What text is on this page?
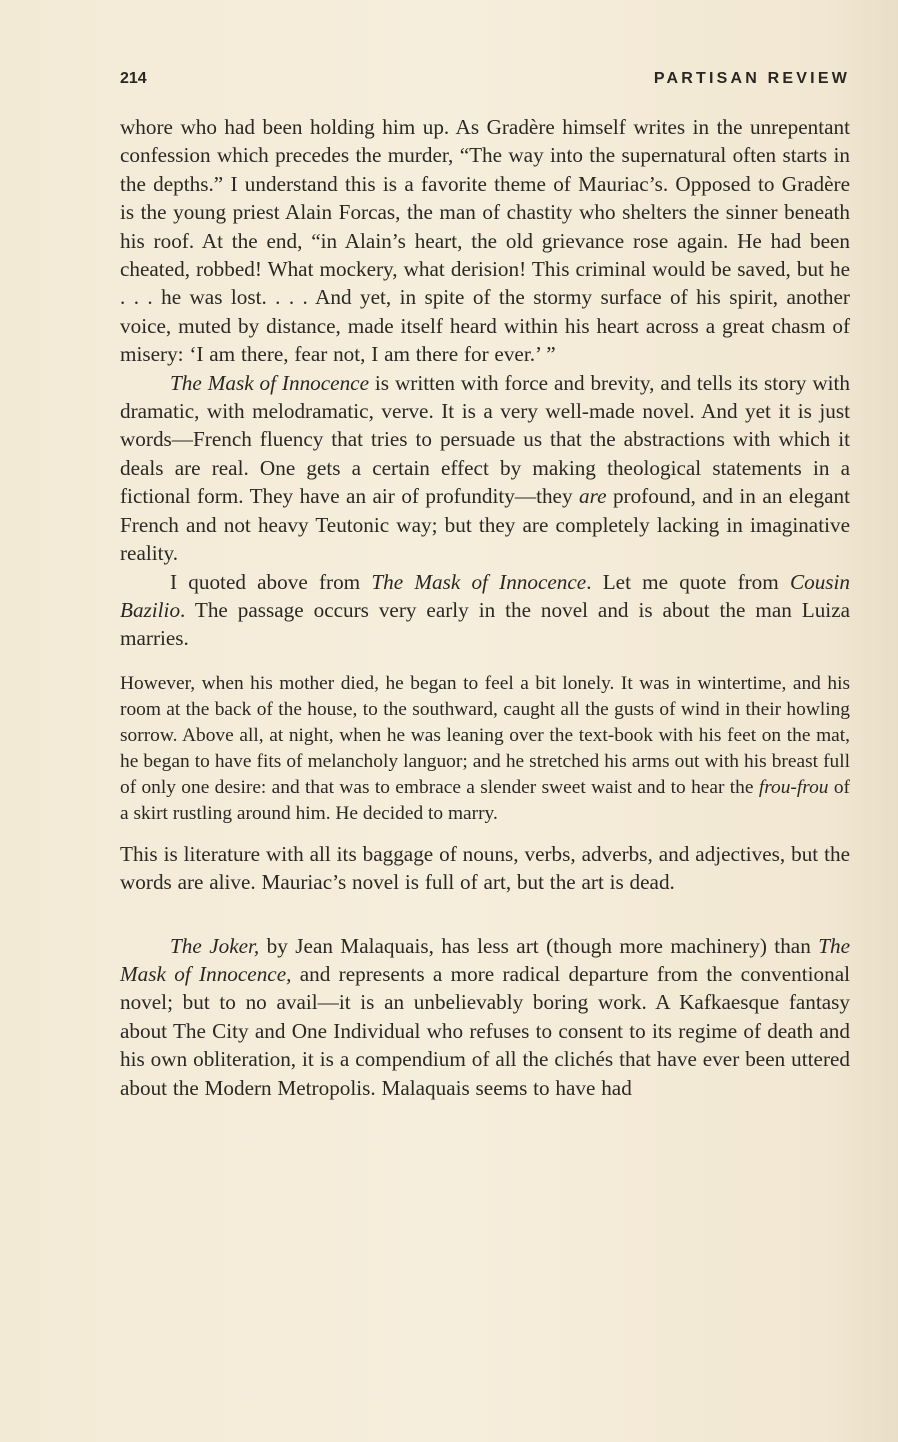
214	PARTISAN REVIEW

whore who had been holding him up. As Gradère himself writes in the unrepentant confession which precedes the murder, “The way into the supernatural often starts in the depths.” I understand this is a favorite theme of Mauriac’s. Opposed to Gradère is the young priest Alain Forcas, the man of chastity who shelters the sinner beneath his roof. At the end, “in Alain’s heart, the old grievance rose again. He had been cheated, robbed! What mockery, what derision! This criminal would be saved, but he . . . he was lost. . . . And yet, in spite of the stormy surface of his spirit, another voice, muted by distance, made itself heard within his heart across a great chasm of misery: ‘I am there, fear not, I am there for ever.’ ”

The Mask of Innocence is written with force and brevity, and tells its story with dramatic, with melodramatic, verve. It is a very well-made novel. And yet it is just words—French fluency that tries to persuade us that the abstractions with which it deals are real. One gets a certain effect by making theological statements in a fictional form. They have an air of profundity—they are profound, and in an elegant French and not heavy Teutonic way; but they are completely lacking in imaginative reality.

I quoted above from The Mask of Innocence. Let me quote from Cousin Bazilio. The passage occurs very early in the novel and is about the man Luiza marries.

However, when his mother died, he began to feel a bit lonely. It was in wintertime, and his room at the back of the house, to the southward, caught all the gusts of wind in their howling sorrow. Above all, at night, when he was leaning over the text-book with his feet on the mat, he began to have fits of melancholy languor; and he stretched his arms out with his breast full of only one desire: and that was to embrace a slender sweet waist and to hear the frou-frou of a skirt rustling around him. He decided to marry.

This is literature with all its baggage of nouns, verbs, adverbs, and adjectives, but the words are alive. Mauriac’s novel is full of art, but the art is dead.

The Joker, by Jean Malaquais, has less art (though more machinery) than The Mask of Innocence, and represents a more radical departure from the conventional novel; but to no avail—it is an unbelievably boring work. A Kafkaesque fantasy about The City and One Individual who refuses to consent to its regime of death and his own obliteration, it is a compendium of all the clichés that have ever been uttered about the Modern Metropolis. Malaquais seems to have had
